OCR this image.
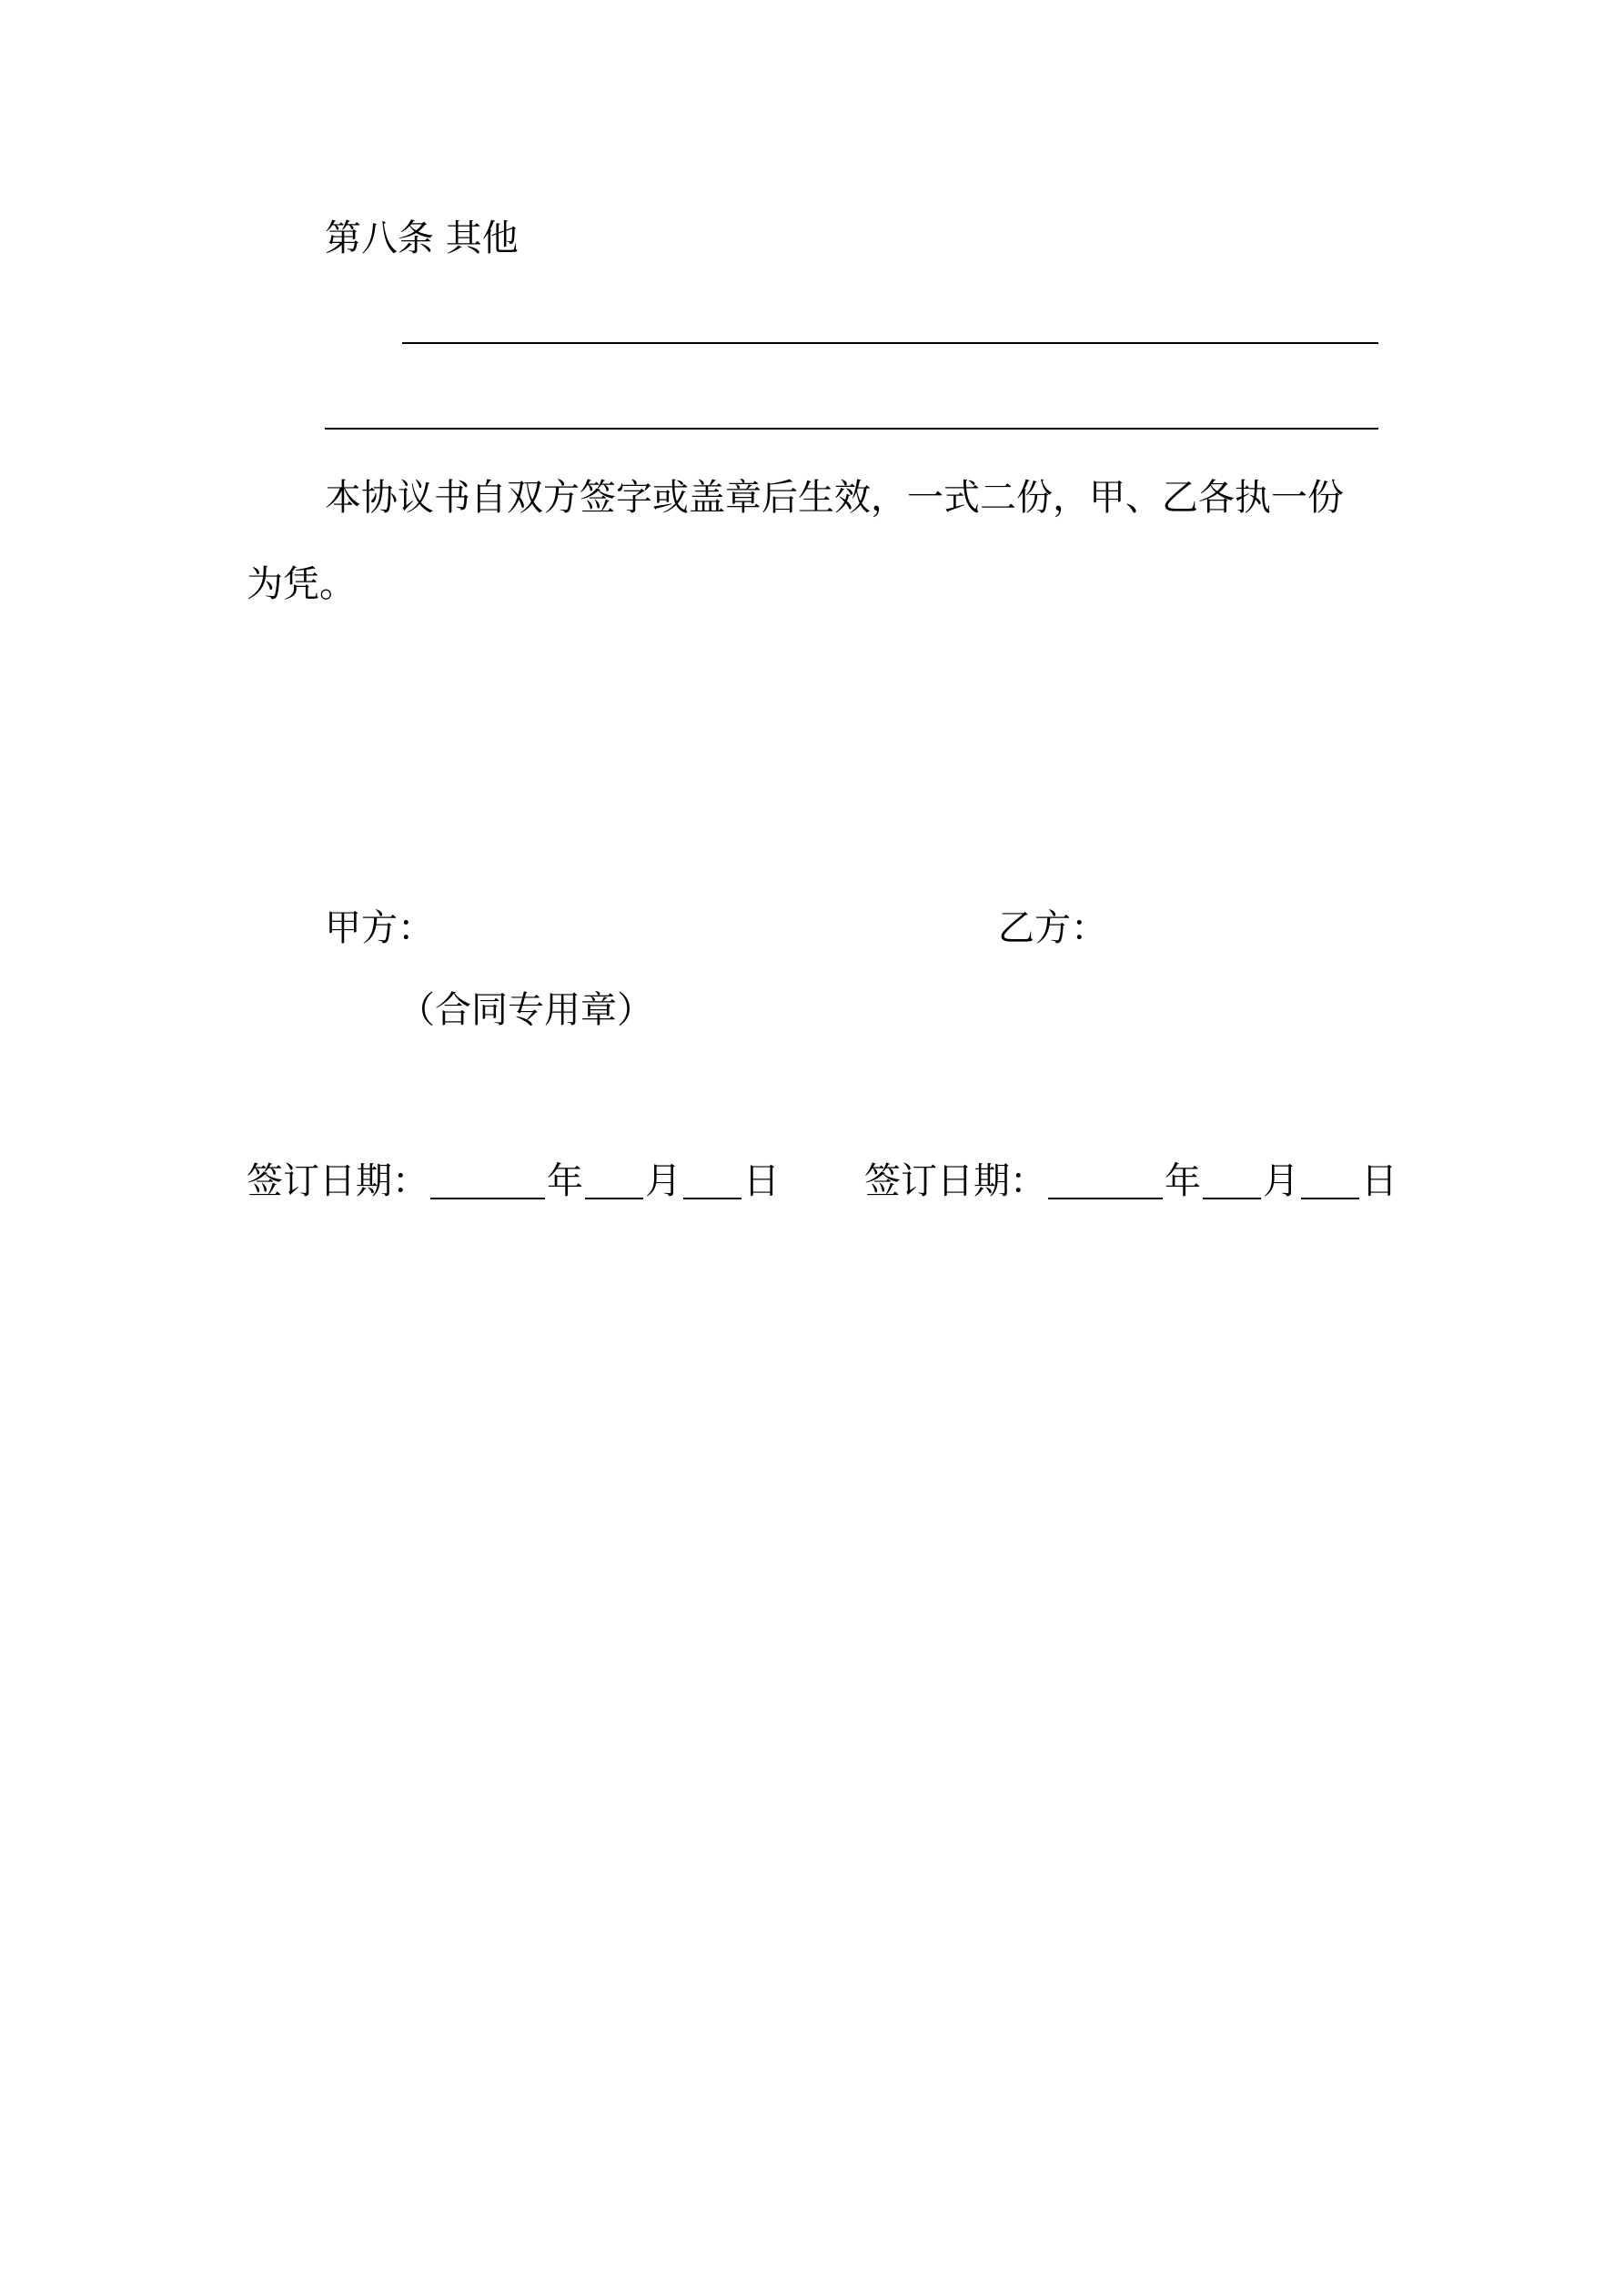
第八条 其他
本协议书自双方签字或盖章后生效，一式二份，甲、乙各执一份
为凭。
甲方：	乙方：
（合同专用章）
签订日期：	年 月 日 签订日期：	年 月 日
